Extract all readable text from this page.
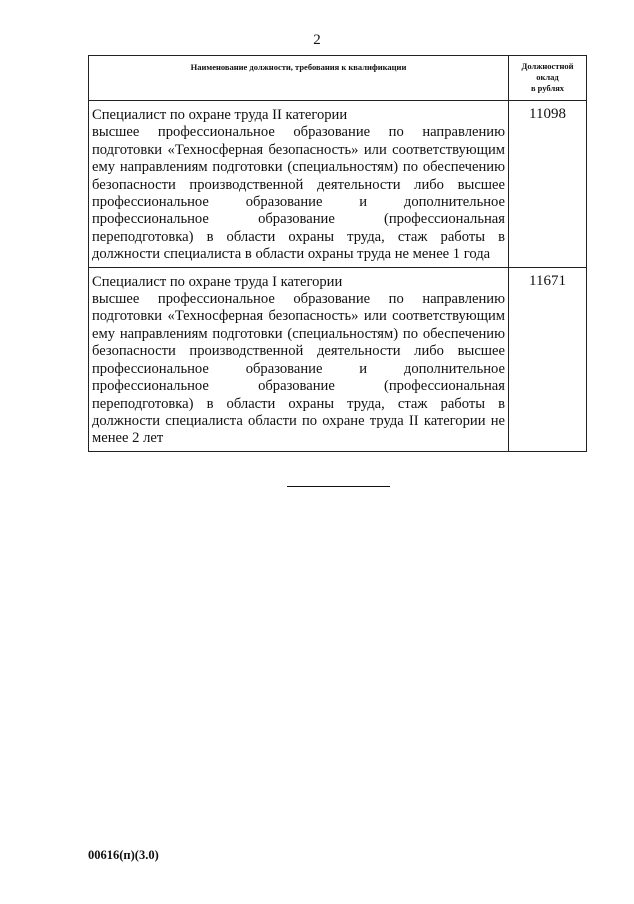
2
Наименование должности, требования к квалификации	Должностной
оклад
в рублях

Специалист по охране труда II категории
высшее профессиональное образование по направлению подготовки «Техносферная безопасность» или соответствующим ему направлениям подготовки (специальностям) по обеспечению безопасности производственной деятельности либо высшее профессиональное образование и дополнительное профессиональное образование (профессиональная переподготовка) в области охраны труда, стаж работы в должности специалиста в области охраны труда не менее 1 года	11098

Специалист по охране труда I категории
высшее профессиональное образование по направлению подготовки «Техносферная безопасность» или соответствующим ему направлениям подготовки (специальностям) по обеспечению безопасности производственной деятельности либо высшее профессиональное образование и дополнительное профессиональное образование (профессиональная переподготовка) в области охраны труда, стаж работы в должности специалиста области по охране труда II категории не менее 2 лет	11671
00616(п)(3.0)
